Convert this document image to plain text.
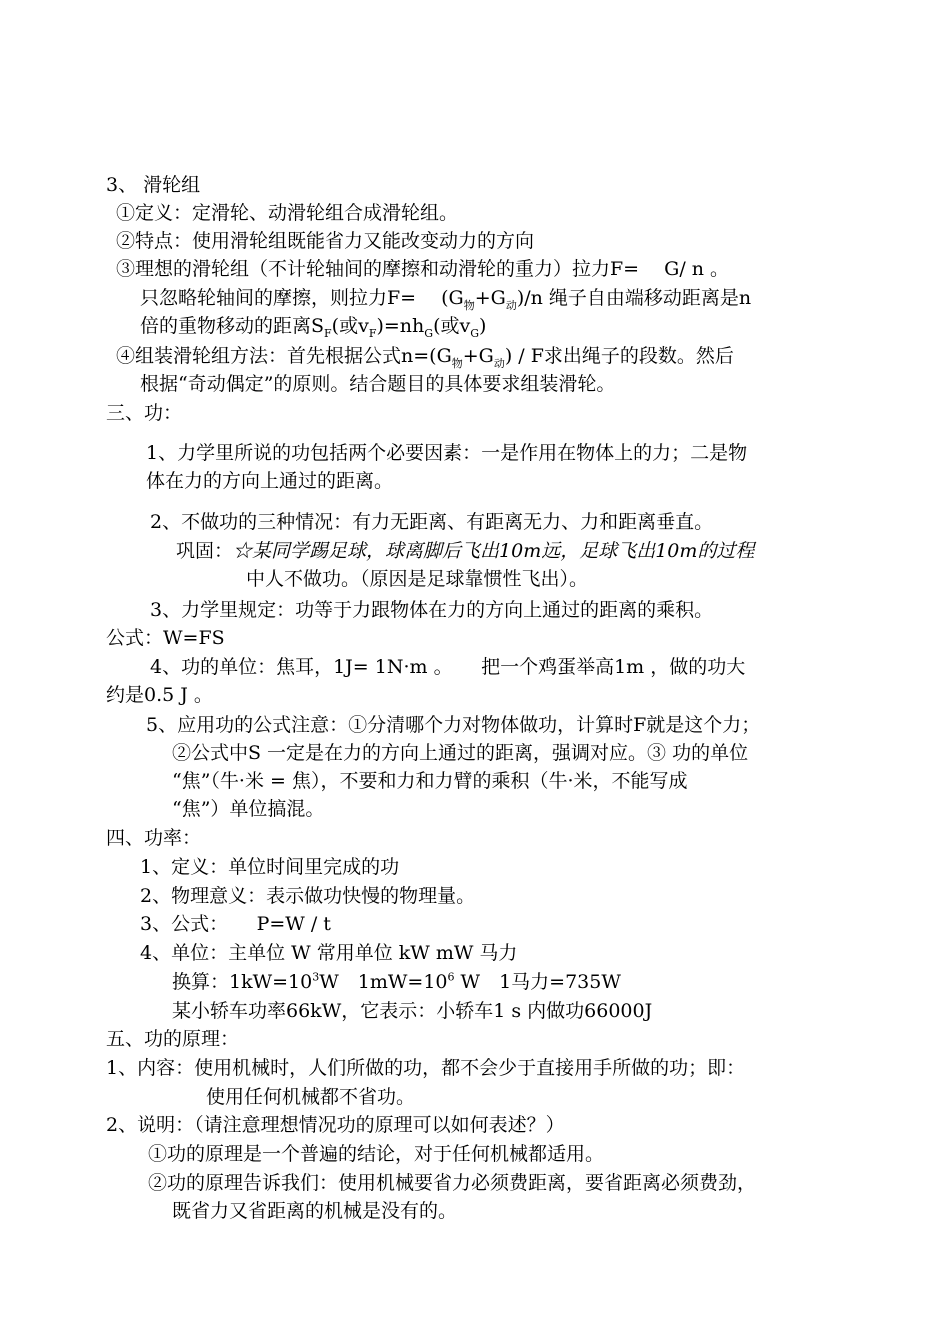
3、 滑轮组
①定义：定滑轮、动滑轮组合成滑轮组。
②特点：使用滑轮组既能省力又能改变动力的方向
③理想的滑轮组（不计轮轴间的摩擦和动滑轮的重力）拉力F=　 G/ n 。
只忽略轮轴间的摩擦，则拉力F=　 $(G_物+G_动)/n$ 绳子自由端移动距离是n
倍的重物移动的距离$S_F$(或$v_F)=nh_G$(或$v_G$)
④组装滑轮组方法：首先根据公式$n=(G_物+G_动) / F$求出绳子的段数。然后
根据“奇动偶定”的原则。结合题目的具体要求组装滑轮。
三、功：
1、力学里所说的功包括两个必要因素：一是作用在物体上的力；二是物
体在力的方向上通过的距离。
2、不做功的三种情况：有力无距离、有距离无力、力和距离垂直。
巩固：☆某同学踢足球，球离脚后飞出10m远，足球飞出10m的过程
中人不做功。（原因是足球靠惯性飞出）。
3、力学里规定：功等于力跟物体在力的方向上通过的距离的乘积。
公式：W=FS
4、功的单位：焦耳，1J= 1N·m 。　　把一个鸡蛋举高1m ，做的功大
约是0.5 J 。
5、应用功的公式注意：①分清哪个力对物体做功，计算时F就是这个力；
②公式中S 一定是在力的方向上通过的距离，强调对应。③ 功的单位
“焦”（牛·米 = 焦），不要和力和力臂的乘积（牛·米，不能写成
“焦”）单位搞混。
四、功率：
1、定义：单位时间里完成的功
2、物理意义：表示做功快慢的物理量。
3、公式：　　P=W / t
4、单位：主单位 W 常用单位 kW mW 马力
换算：$1kW=10^3W$　$1mW=10^6$ W　1马力=735W
某小轿车功率66kW，它表示：小轿车1 s 内做功66000J
五、功的原理：
1、内容：使用机械时，人们所做的功，都不会少于直接用手所做的功；即：
使用任何机械都不省功。
2、说明：（请注意理想情况功的原理可以如何表述？）
①功的原理是一个普遍的结论，对于任何机械都适用。
②功的原理告诉我们：使用机械要省力必须费距离，要省距离必须费劲，
既省力又省距离的机械是没有的。
